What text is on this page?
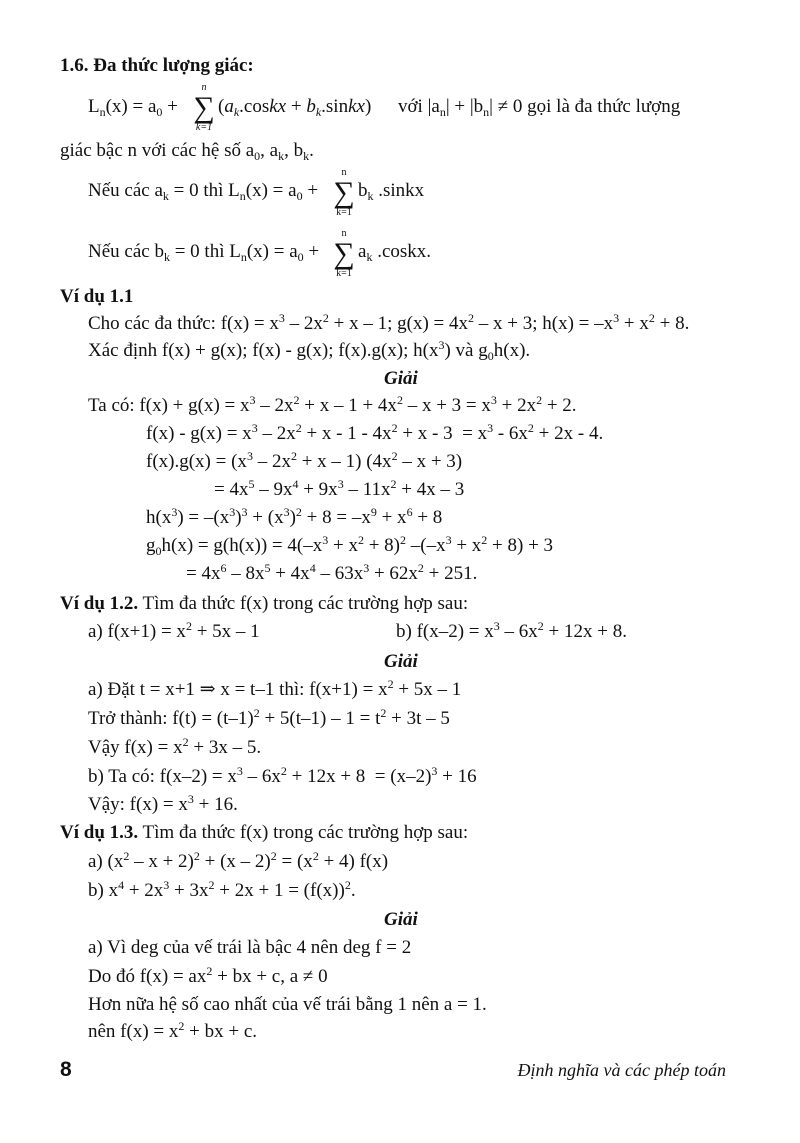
1.6. Đa thức lượng giác:
$L_n(x) = a_0$ +
n
∑
k=1
($a_k.coskx$ + $b_k.sinkx$) với $|a_n| + |b_n| \ne 0$ gọi là đa thức lượng
giác bậc n với các hệ số $a_0$, $a_k$, $b_k$.
Nếu các $a_k = 0$ thì $L_n(x) = a_0$ +
n
∑
k=1
$b_k$ .sinkx
Nếu các $b_k = 0$ thì $L_n(x) = a_0$ +
n
∑
k=1
$a_k$ .coskx.
Ví dụ 1.1
Cho các đa thức: $f(x) = x^3 - 2x^2 + x - 1$; $g(x) = 4x^2 - x + 3$; $h(x) = -x^3 + x^2 + 8$.
Xác định f(x) + g(x); f(x) - g(x); f(x).g(x); $h(x^3)$ và $g_0h(x)$.
Giải
Ta có: $f(x) + g(x) = x^3 - 2x^2 + x - 1 + 4x^2 - x + 3 = x^3 + 2x^2 + 2$.
$f(x) - g(x) = x^3 - 2x^2 + x - 1 - 4x^2 + x - 3 = x^3 - 6x^2 + 2x - 4$.
$f(x).g(x) = (x^3 - 2x^2 + x - 1)$ $(4x^2 - x + 3)$
= $4x^5 - 9x^4 + 9x^3 - 11x^2 + 4x - 3$
$h(x^3) = -(x^3)^3 + (x^3)^2 + 8 = -x^9 + x^6 + 8$
$g_0h(x) = g(h(x)) = 4(-x^3 + x^2 + 8)^2$ $-(-x^3 + x^2 + 8) + 3$
= $4x^6 - 8x^5 + 4x^4 - 63x^3 + 62x^2 + 251$.
Ví dụ 1.2. Tìm đa thức f(x) trong các trường hợp sau:
a) $f(x+1) = x^2 + 5x - 1$	b) $f(x-2) = x^3 - 6x^2 + 12x + 8$.
Giải
a) Đặt t = x+1 ⇒ x = t–1 thì: $f(x+1) = x^2 + 5x - 1$
Trở thành: $f(t) = (t-1)^2 + 5(t-1) - 1 = t^2 + 3t - 5$
Vậy $f(x) = x^2 + 3x - 5$.
b) Ta có: $f(x-2) = x^3 - 6x^2 + 12x + 8 = (x-2)^3 + 16$
Vậy: $f(x) = x^3 + 16$.
Ví dụ 1.3. Tìm đa thức f(x) trong các trường hợp sau:
a) $(x^2 - x + 2)^2 + (x - 2)^2 = (x^2 + 4)$ f(x)
b) $x^4 + 2x^3 + 3x^2 + 2x + 1 = (f(x))^2$.
Giải
a) Vì deg của vế trái là bậc 4 nên deg f = 2
Do đó $f(x) = ax^2$ + bx + c, a ≠ 0
Hơn nữa hệ số cao nhất của vế trái bằng 1 nên a = 1.
nên $f(x) = x^2$ + bx + c.
8	Định nghĩa và các phép toán
